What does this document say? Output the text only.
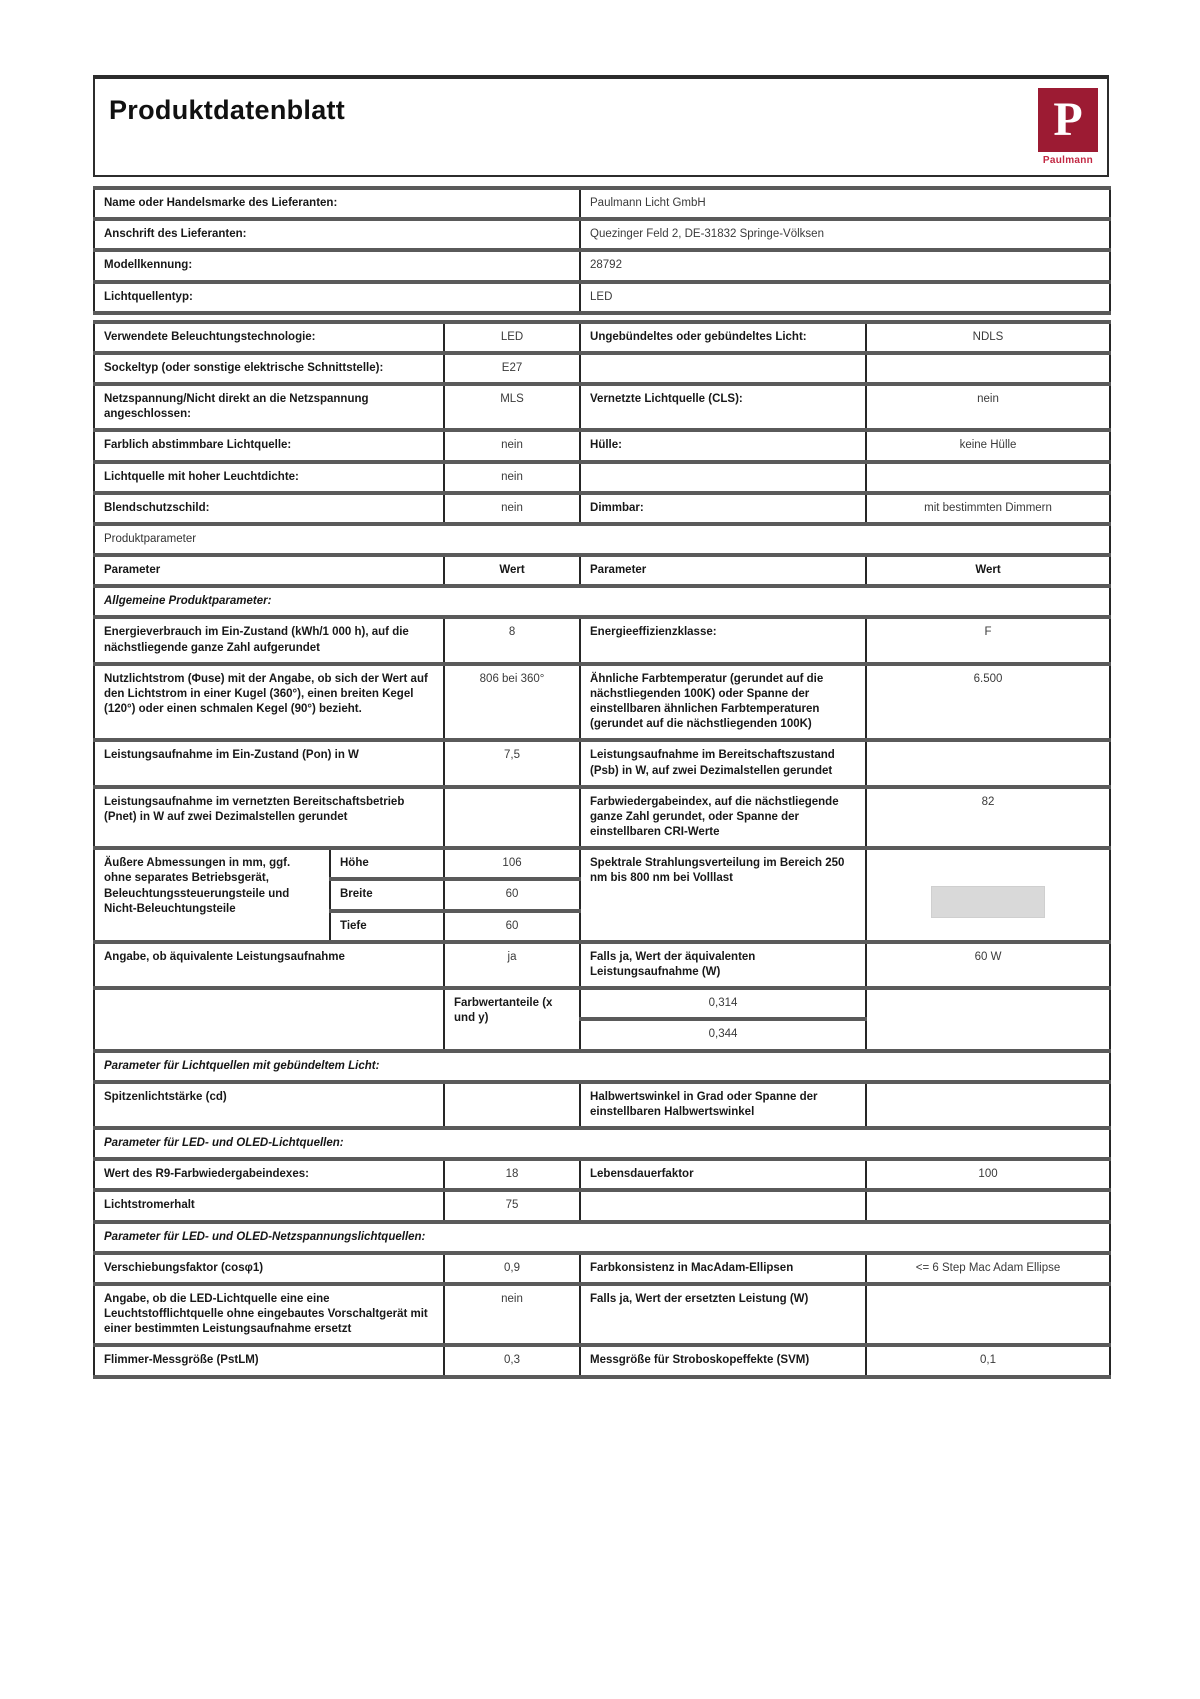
Produktdatenblatt	P
Paulmann
Name oder Handelsmarke des Lieferanten:	Paulmann Licht GmbH
Anschrift des Lieferanten:	Quezinger Feld 2, DE-31832 Springe-Völksen
Modellkennung:	28792
Lichtquellentyp:	LED
Verwendete Beleuchtungstechnologie:		LED	Ungebündeltes oder gebündeltes Licht:	NDLS
Sockeltyp (oder sonstige elektrische Schnittstelle):		E27		
Netzspannung/Nicht direkt an die Netzspannung angeschlossen:		MLS	Vernetzte Lichtquelle (CLS):	nein
Farblich abstimmbare Lichtquelle:		nein	Hülle:	keine Hülle
Lichtquelle mit hoher Leuchtdichte:		nein		
Blendschutzschild:		nein	Dimmbar:	mit bestimmten Dimmern
Produktparameter				
Parameter		Wert	Parameter	Wert
Allgemeine Produktparameter:				
Energieverbrauch im Ein-Zustand (kWh/1 000 h), auf die nächstliegende ganze Zahl aufgerundet		8	Energieeffizienzklasse:	F
Nutzlichtstrom (Φuse) mit der Angabe, ob sich der Wert auf den Lichtstrom in einer Kugel (360°), einen breiten Kegel (120°) oder einen schmalen Kegel (90°) bezieht.		806 bei 360°	Ähnliche Farbtemperatur (gerundet auf die nächstliegenden 100K) oder Spanne der einstellbaren ähnlichen Farbtemperaturen (gerundet auf die nächstliegenden 100K)	6.500
Leistungsaufnahme im Ein-Zustand (Pon) in W		7,5	Leistungsaufnahme im Bereitschaftszustand (Psb) in W, auf zwei Dezimalstellen gerundet	
Leistungsaufnahme im vernetzten Bereitschaftsbetrieb (Pnet) in W auf zwei Dezimalstellen gerundet			Farbwiedergabeindex, auf die nächstliegende ganze Zahl gerundet, oder Spanne der einstellbaren CRI-Werte	82
Äußere Abmessungen in mm, ggf. ohne separates Betriebsgerät, Beleuchtungssteuerungsteile und Nicht-Beleuchtungsteile	Höhe	106	Spektrale Strahlungsverteilung im Bereich 250 nm bis 800 nm bei Volllast	

	Breite	60		
	Tiefe	60		
Angabe, ob äquivalente Leistungsaufnahme		ja	Falls ja, Wert der äquivalenten Leistungsaufnahme (W)	60 W
		Farbwertanteile (x und y)	0,314	
			0,344	
Parameter für Lichtquellen mit gebündeltem Licht:				
Spitzenlichtstärke (cd)			Halbwertswinkel in Grad oder Spanne der einstellbaren Halbwertswinkel	
Parameter für LED- und OLED-Lichtquellen:				
Wert des R9-Farbwiedergabeindexes:		18	Lebensdauerfaktor	100
Lichtstromerhalt		75		
Parameter für LED- und OLED-Netzspannungslichtquellen:				
Verschiebungsfaktor (cosφ1)		0,9	Farbkonsistenz in MacAdam-Ellipsen	<= 6 Step Mac Adam Ellipse
Angabe, ob die LED-Lichtquelle eine eine Leuchtstofflichtquelle ohne eingebautes Vorschaltgerät mit einer bestimmten Leistungsaufnahme ersetzt		nein	Falls ja, Wert der ersetzten Leistung (W)	
Flimmer-Messgröße (PstLM)		0,3	Messgröße für Stroboskopeffekte (SVM)	0,1
